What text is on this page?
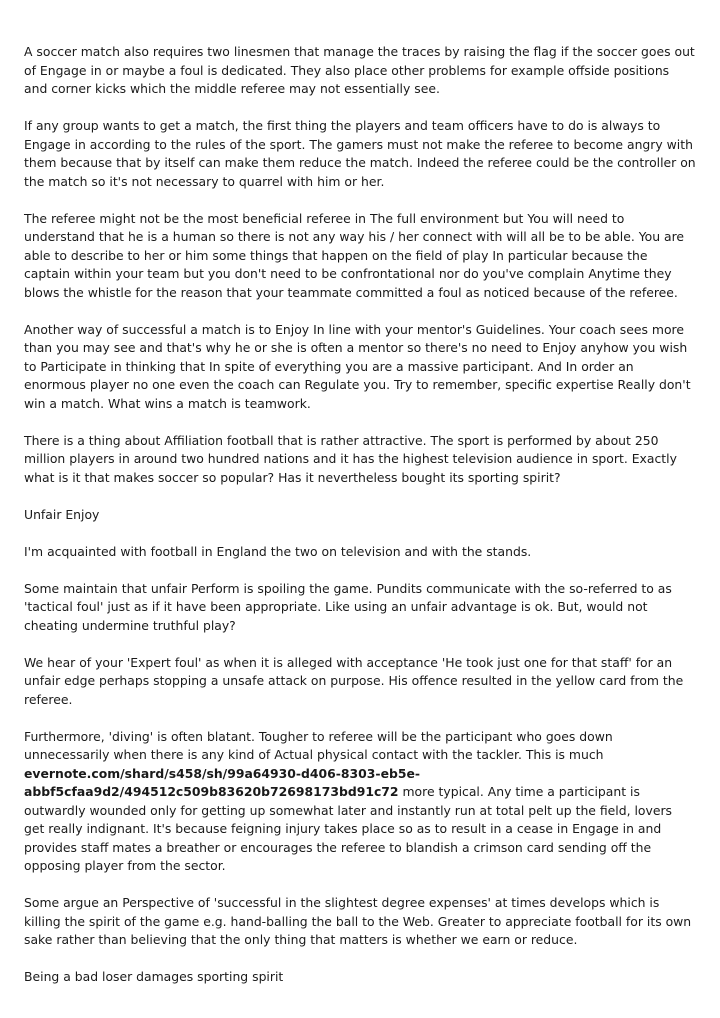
A soccer match also requires two linesmen that manage the traces by raising the flag if the soccer goes out of Engage in or maybe a foul is dedicated. They also place other problems for example offside positions and corner kicks which the middle referee may not essentially see.

If any group wants to get a match, the first thing the players and team officers have to do is always to Engage in according to the rules of the sport. The gamers must not make the referee to become angry with them because that by itself can make them reduce the match. Indeed the referee could be the controller on the match so it's not necessary to quarrel with him or her.

The referee might not be the most beneficial referee in The full environment but You will need to understand that he is a human so there is not any way his / her connect with will all be to be able. You are able to describe to her or him some things that happen on the field of play In particular because the captain within your team but you don't need to be confrontational nor do you've complain Anytime they blows the whistle for the reason that your teammate committed a foul as noticed because of the referee.

Another way of successful a match is to Enjoy In line with your mentor's Guidelines. Your coach sees more than you may see and that's why he or she is often a mentor so there's no need to Enjoy anyhow you wish to Participate in thinking that In spite of everything you are a massive participant. And In order an enormous player no one even the coach can Regulate you. Try to remember, specific expertise Really don't win a match. What wins a match is teamwork.

There is a thing about Affiliation football that is rather attractive. The sport is performed by about 250 million players in around two hundred nations and it has the highest television audience in sport. Exactly what is it that makes soccer so popular? Has it nevertheless bought its sporting spirit?

Unfair Enjoy

I'm acquainted with football in England the two on television and with the stands.

Some maintain that unfair Perform is spoiling the game. Pundits communicate with the so-referred to as 'tactical foul' just as if it have been appropriate. Like using an unfair advantage is ok. But, would not cheating undermine truthful play?

We hear of your 'Expert foul' as when it is alleged with acceptance 'He took just one for that staff' for an unfair edge perhaps stopping a unsafe attack on purpose. His offence resulted in the yellow card from the referee.

Furthermore, 'diving' is often blatant. Tougher to referee will be the participant who goes down unnecessarily when there is any kind of Actual physical contact with the tackler. This is much evernote.com/shard/s458/sh/99a64930-d406-8303-eb5e-abbf5cfaa9d2/494512c509b83620b72698173bd91c72 more typical. Any time a participant is outwardly wounded only for getting up somewhat later and instantly run at total pelt up the field, lovers get really indignant. It's because feigning injury takes place so as to result in a cease in Engage in and provides staff mates a breather or encourages the referee to blandish a crimson card sending off the opposing player from the sector.

Some argue an Perspective of 'successful in the slightest degree expenses' at times develops which is killing the spirit of the game e.g. hand-balling the ball to the Web. Greater to appreciate football for its own sake rather than believing that the only thing that matters is whether we earn or reduce.

Being a bad loser damages sporting spirit
